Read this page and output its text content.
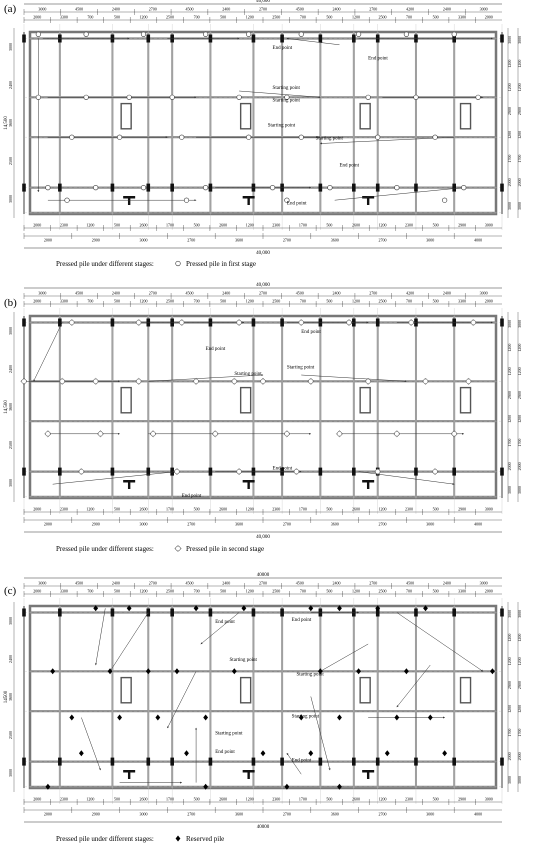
(a)
40,000
3000	4500	2400	2700	4500	2400	2700	4500	2400	2700	4200	2400	3000
2000	3300	700	500	1200	2500	700	500	1200	2500	700	500	1200	2500	700	500	3300	2000
End point
End point
Starting point
Starting point
Starting point
Starting point
End point
End point
3000 3000
1200 1200
1200 1200
2900 2900
1200 1200
1700 1700
2000 2000
3000 3000
3000
2400
3600
2500
3000
14,500
2000	2300	1200	500	2600	1700	500	2600	1200	2300	1700	500	2600	1200	2300	500	2900	3000
2000	2900	3000	2700	3600	2700	3600	2700	3000	4000
40,000
Pressed pile under different stages:	Pressed pile in first stage
(b)
40,000
3000	4500	2400	2700	4500	2400	2700	4500	2400	2700	4200	2400	3000
2000	3300	700	500	1200	2500	700	500	1200	2500	700	500	1200	2500	700	500	3300	2000
End point
End point
Starting point
Starting point
End point
End point
3000 3000
1200 1200
1200 1200
2900 2900
1200 1200
1700 1700
2000 2000
3000 3000
3000
2400
3600
2500
3000
14,500
2000	2300	1200	500	2600	1700	500	2600	1200	2300	1700	500	2600	1200	2300	500	2900	3000
2000	2900	3000	2700	3600	2700	3600	2700	3000	4000
40,000
Pressed pile under different stages:	Pressed pile in second stage
(c)
40000
3000	4500	2400	2700	4500	2400	2700	4500	2400	2700	4500	2400	3000
2000	3300	700	500	1200	2500	700	500	1200	2500	700	500	1200	2500	700	500	3300	2000
End point	End point
Starting point
Starting point
Starting point
Starting point
End point
End point
3000 3000
1200 1200
1200 1200
2900 2900
1200 1200
1700 1700
2000 2000
3000 3000
3000
2400
3600
2500
3000
14500
2000	2300	1200	500	2600	1700	500	2600	1200	2300	1700	500	2600	1200	2300	500	2900	3000
2000	2900	3000	2700	3600	2700	3600	2700	3000	4000
40000
Pressed pile under different stages:	Reserved pile
